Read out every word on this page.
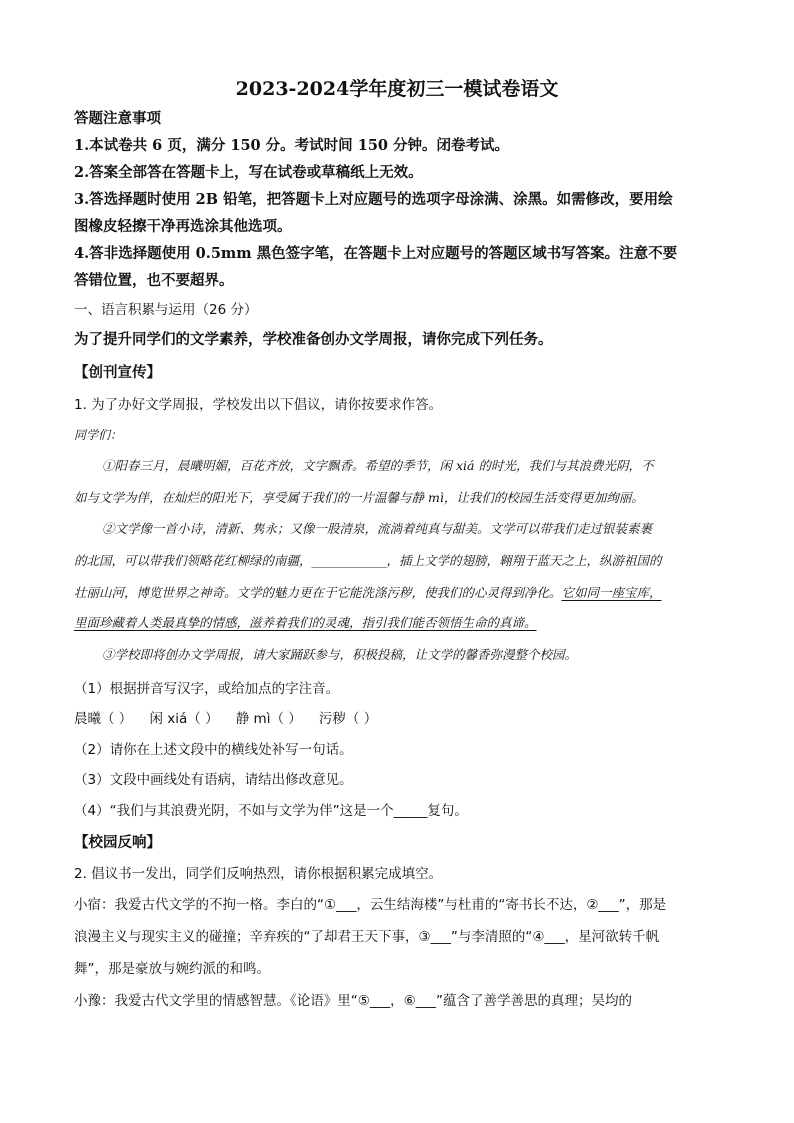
2023-2024学年度初三一模试卷语文
答题注意事项
1.本试卷共 6 页，满分 150 分。考试时间 150 分钟。闭卷考试。
2.答案全部答在答题卡上，写在试卷或草稿纸上无效。
3.答选择题时使用 2B 铅笔，把答题卡上对应题号的选项字母涂满、涂黑。如需修改，要用绘
图橡皮轻擦干净再选涂其他选项。
4.答非选择题使用 0.5mm 黑色签字笔，在答题卡上对应题号的答题区域书写答案。注意不要
答错位置，也不要超界。
一、语言积累与运用（26 分）
为了提升同学们的文学素养，学校准备创办文学周报，请你完成下列任务。
【创刊宣传】
1. 为了办好文学周报，学校发出以下倡议，请你按要求作答。
同学们：
①阳春三月，晨曦明媚，百花齐放，文字飘香。希望的季节，闲 xiá 的时光，我们与其浪费光阴，不
如与文学为伴，在灿烂的阳光下，享受属于我们的一片温馨与静 mì，让我们的校园生活变得更加绚丽。
②文学像一首小诗，清新、隽永；又像一股清泉，流淌着纯真与甜美。文学可以带我们走过银装素裹
的北国，可以带我们领略花红柳绿的南疆，____________，插上文学的翅膀，翱翔于蓝天之上，纵游祖国的
壮丽山河，博览世界之神奇。文学的魅力更在于它能洗涤污秽，使我们的心灵得到净化。它如同一座宝库，
里面珍藏着人类最真挚的情感，滋养着我们的灵魂，指引我们能否领悟生命的真谛。
③学校即将创办文学周报，请大家踊跃参与，积极投稿，让文学的馨香弥漫整个校园。
（1）根据拼音写汉字，或给加点的字注音。
晨曦（ ） 闲 xiá（ ） 静 mì（ ） 污秽（ ）
（2）请你在上述文段中的横线处补写一句话。
（3）文段中画线处有语病，请结出修改意见。
（4）“我们与其浪费光阴，不如与文学为伴”这是一个_____复句。
【校园反响】
2. 倡议书一发出，同学们反响热烈，请你根据积累完成填空。
小宿：我爱古代文学的不拘一格。李白的“①___，云生结海楼”与杜甫的“寄书长不达，②___”，那是
浪漫主义与现实主义的碰撞；辛弃疾的“了却君王天下事，③___”与李清照的“④___，星河欲转千帆
舞”，那是豪放与婉约派的和鸣。
小豫：我爱古代文学里的情感智慧。《论语》里“⑤___，⑥___”蕴含了善学善思的真理；吴均的
